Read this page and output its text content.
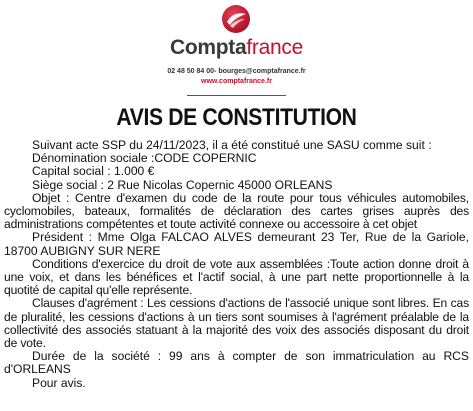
Comptafrance
02 48 50 84 00- bourges@comptafrance.fr
www.comptafrance.fr
AVIS DE CONSTITUTION

Suivant acte SSP du 24/11/2023, il a été constitué une SASU comme suit :

Dénomination sociale :CODE COPERNIC

Capital social : 1.000 €

Siège social : 2 Rue Nicolas Copernic 45000 ORLEANS

Objet : Centre d'examen du code de la route pour tous véhicules automobiles, cyclomobiles, bateaux, formalités de déclaration des cartes grises auprès des administrations compétentes et toute activité connexe ou accessoire à cet objet

Président : Mme Olga FALCAO ALVES demeurant 23 Ter, Rue de la Gariole, 18700 AUBIGNY SUR NERE

Conditions d'exercice du droit de vote aux assemblées :Toute action donne droit à une voix, et dans les bénéfices et l'actif social, à une part nette proportionnelle à la quotité de capital qu'elle représente.

Clauses d'agrément : Les cessions d'actions de l'associé unique sont libres. En cas de pluralité, les cessions d'actions à un tiers sont soumises à l'agrément préalable de la collectivité des associés statuant à la majorité des voix des associés disposant du droit de vote.

Durée de la société : 99 ans à compter de son immatriculation au RCS d'ORLEANS

Pour avis.
